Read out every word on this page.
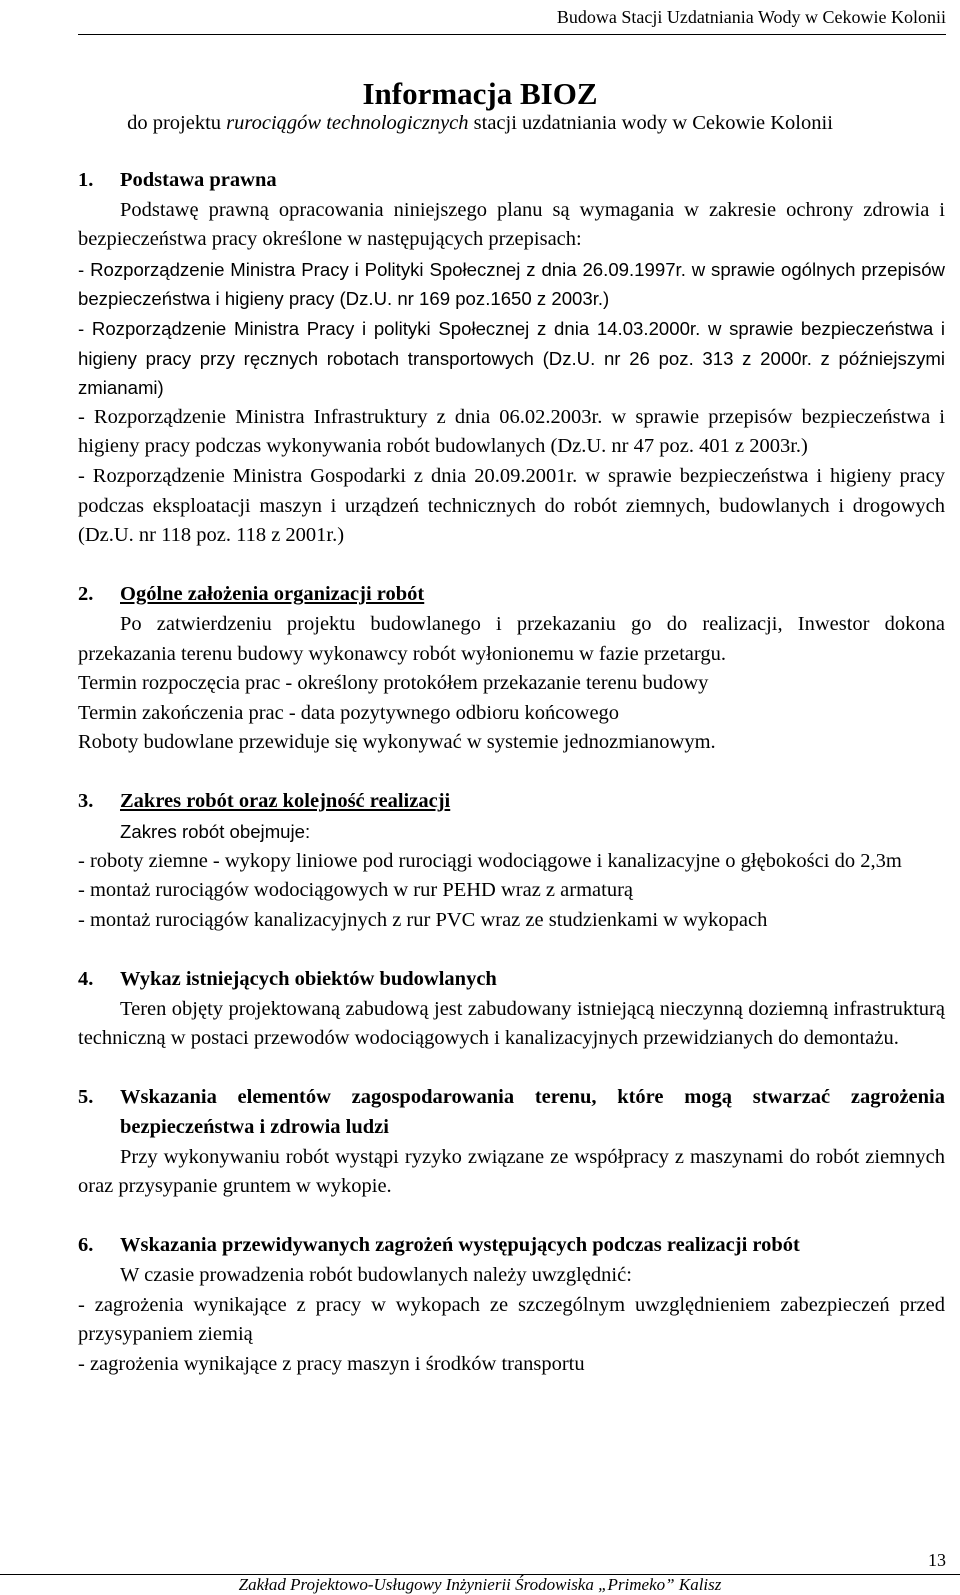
Budowa Stacji Uzdatniania Wody w Cekowie Kolonii
Informacja BIOZ
do projektu rurociągów technologicznych stacji uzdatniania wody w Cekowie Kolonii
1.	Podstawa prawna

Podstawę prawną opracowania niniejszego planu są wymagania w zakresie ochrony zdrowia i bezpieczeństwa pracy określone w następujących przepisach:

- Rozporządzenie Ministra Pracy i Polityki Społecznej z dnia 26.09.1997r. w sprawie ogólnych przepisów bezpieczeństwa i higieny pracy (Dz.U. nr 169 poz.1650 z 2003r.)

- Rozporządzenie Ministra Pracy i polityki Społecznej z dnia 14.03.2000r. w sprawie bezpieczeństwa i higieny pracy przy ręcznych robotach transportowych (Dz.U. nr 26 poz. 313 z 2000r. z późniejszymi zmianami)

- Rozporządzenie Ministra Infrastruktury z dnia 06.02.2003r. w sprawie przepisów bezpieczeństwa i higieny pracy podczas wykonywania robót budowlanych (Dz.U. nr 47 poz. 401 z 2003r.)

- Rozporządzenie Ministra Gospodarki z dnia 20.09.2001r. w sprawie bezpieczeństwa i higieny pracy podczas eksploatacji maszyn i urządzeń technicznych do robót ziemnych, budowlanych i drogowych (Dz.U. nr 118 poz. 118 z 2001r.)

2.	Ogólne założenia organizacji robót

Po zatwierdzeniu projektu budowlanego i przekazaniu go do realizacji, Inwestor dokona przekazania terenu budowy wykonawcy robót wyłonionemu w fazie przetargu.

Termin rozpoczęcia prac - określony protokółem przekazanie terenu budowy

Termin zakończenia prac - data pozytywnego odbioru końcowego

Roboty budowlane przewiduje się wykonywać w systemie jednozmianowym.

3.	Zakres robót oraz kolejność realizacji

Zakres robót obejmuje:

- roboty ziemne - wykopy liniowe pod rurociągi wodociągowe i kanalizacyjne o głębokości do 2,3m

- montaż rurociągów wodociągowych w rur PEHD wraz z armaturą

- montaż rurociągów kanalizacyjnych z rur PVC wraz ze studzienkami w wykopach

4.	Wykaz istniejących obiektów budowlanych

Teren objęty projektowaną zabudową jest zabudowany istniejącą nieczynną doziemną infrastrukturą techniczną w postaci przewodów wodociągowych i kanalizacyjnych przewidzianych do demontażu.

5.	Wskazania elementów zagospodarowania terenu, które mogą stwarzać zagrożenia bezpieczeństwa i zdrowia ludzi

Przy wykonywaniu robót wystąpi ryzyko związane ze współpracy z maszynami do robót ziemnych oraz przysypanie gruntem w wykopie.

6.	Wskazania przewidywanych zagrożeń występujących podczas realizacji robót

W czasie prowadzenia robót budowlanych należy uwzględnić:

- zagrożenia wynikające z pracy w wykopach ze szczególnym uwzględnieniem zabezpieczeń przed przysypaniem ziemią

- zagrożenia wynikające z pracy maszyn i środków transportu

13
Zakład Projektowo-Usługowy Inżynierii Środowiska „Primeko” Kalisz
